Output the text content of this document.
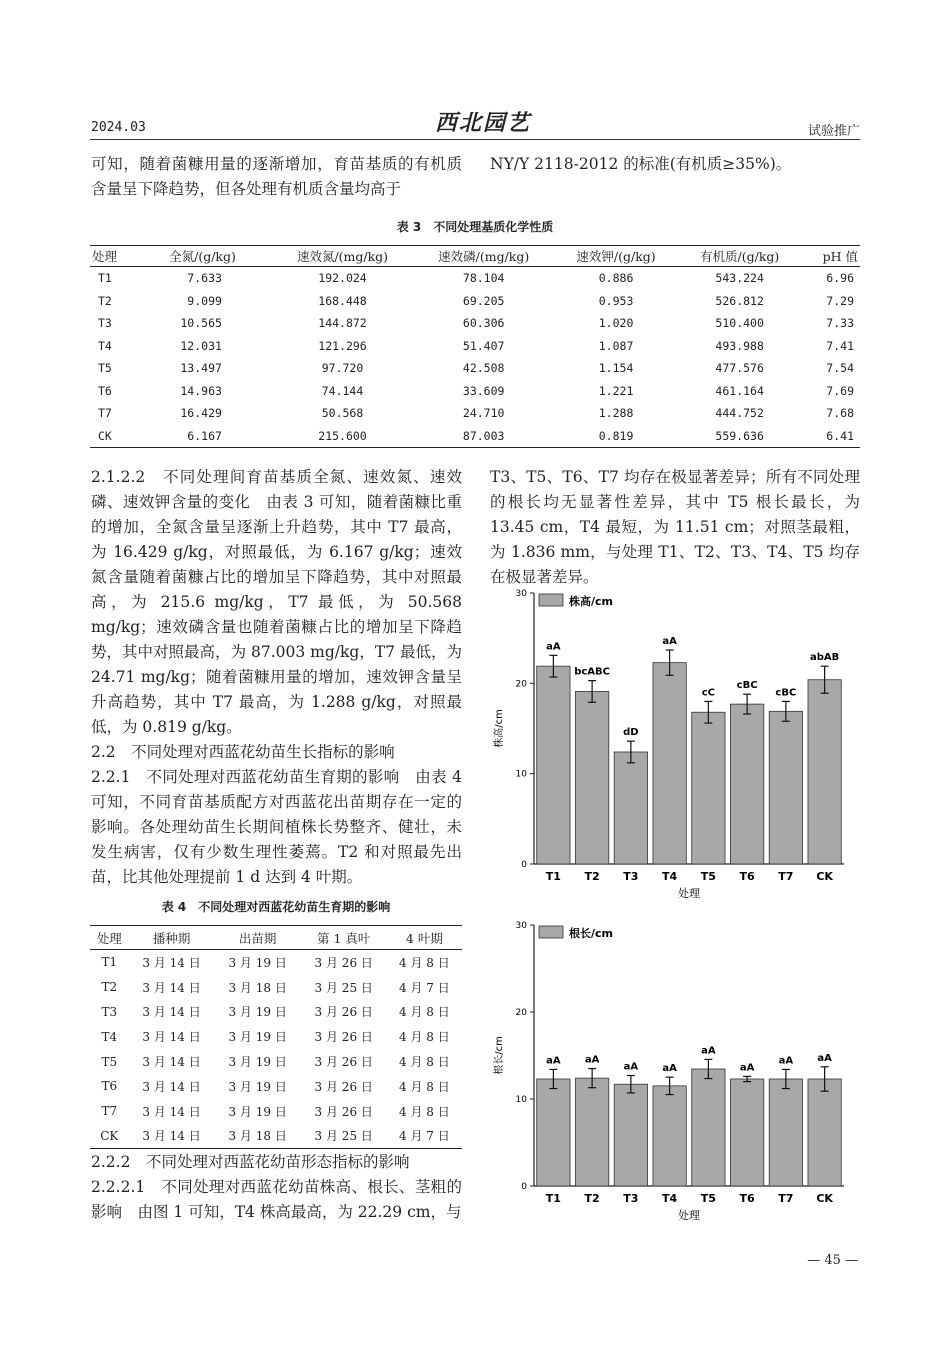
2024.03	西北园艺	试验推广

可知，随着菌糠用量的逐渐增加，育苗基质的有机质含量呈下降趋势，但各处理有机质含量均高于

NY/Y 2118-2012 的标准(有机质≥35%)。

表 3　不同处理基质化学性质
处理	全氮/(g/kg)	速效氮/(mg/kg)	速效磷/(mg/kg)	速效钾/(g/kg)	有机质/(g/kg)	pH 值
T1	7.633	192.024	78.104	0.886	543.224	6.96
T2	9.099	168.448	69.205	0.953	526.812	7.29
T3	10.565	144.872	60.306	1.020	510.400	7.33
T4	12.031	121.296	51.407	1.087	493.988	7.41
T5	13.497	97.720	42.508	1.154	477.576	7.54
T6	14.963	74.144	33.609	1.221	461.164	7.69
T7	16.429	50.568	24.710	1.288	444.752	7.68
CK	6.167	215.600	87.003	0.819	559.636	6.41

2.1.2.2　不同处理间育苗基质全氮、速效氮、速效磷、速效钾含量的变化　由表 3 可知，随着菌糠比重的增加，全氮含量呈逐渐上升趋势，其中 T7 最高，为 16.429 g/kg，对照最低，为 6.167 g/kg；速效氮含量随着菌糠占比的增加呈下降趋势，其中对照最高，为 215.6 mg/kg，T7 最低，为 50.568 mg/kg；速效磷含量也随着菌糠占比的增加呈下降趋势，其中对照最高，为 87.003 mg/kg，T7 最低，为 24.71 mg/kg；随着菌糠用量的增加，速效钾含量呈升高趋势，其中 T7 最高，为 1.288 g/kg，对照最低，为 0.819 g/kg。

2.2　不同处理对西蓝花幼苗生长指标的影响

2.2.1　不同处理对西蓝花幼苗生育期的影响　由表 4 可知，不同育苗基质配方对西蓝花出苗期存在一定的影响。各处理幼苗生长期间植株长势整齐、健壮，未发生病害，仅有少数生理性萎蔫。T2 和对照最先出苗，比其他处理提前 1 d 达到 4 叶期。

表 4　不同处理对西蓝花幼苗生育期的影响
处理	播种期	出苗期	第 1 真叶	4 叶期
T1	3 月 14 日	3 月 19 日	3 月 26 日	4 月 8 日
T2	3 月 14 日	3 月 18 日	3 月 25 日	4 月 7 日
T3	3 月 14 日	3 月 19 日	3 月 26 日	4 月 8 日
T4	3 月 14 日	3 月 19 日	3 月 26 日	4 月 8 日
T5	3 月 14 日	3 月 19 日	3 月 26 日	4 月 8 日
T6	3 月 14 日	3 月 19 日	3 月 26 日	4 月 8 日
T7	3 月 14 日	3 月 19 日	3 月 26 日	4 月 8 日
CK	3 月 14 日	3 月 18 日	3 月 25 日	4 月 7 日

2.2.2　不同处理对西蓝花幼苗形态指标的影响

2.2.2.1　不同处理对西蓝花幼苗株高、根长、茎粗的影响　由图 1 可知，T4 株高最高，为 22.29 cm，与

T3、T5、T6、T7 均存在极显著差异；所有不同处理的根长均无显著性差异，其中 T5 根长最长，为 13.45 cm，T4 最短，为 11.51 cm；对照茎最粗，为 1.836 mm，与处理 T1、T2、T3、T4、T5 均存在极显著差异。

0
10
20
30
aA
T1
bcABC
T2
dD
T3
aA
T4
cC
T5
cBC
T6
cBC
T7
abAB
CK
株高/cm
处理
株高/cm
0
10
20
30
aA
T1
aA
T2
aA
T3
aA
T4
aA
T5
aA
T6
aA
T7
aA
CK
根长/cm
处理
根长/cm
— 45 —
